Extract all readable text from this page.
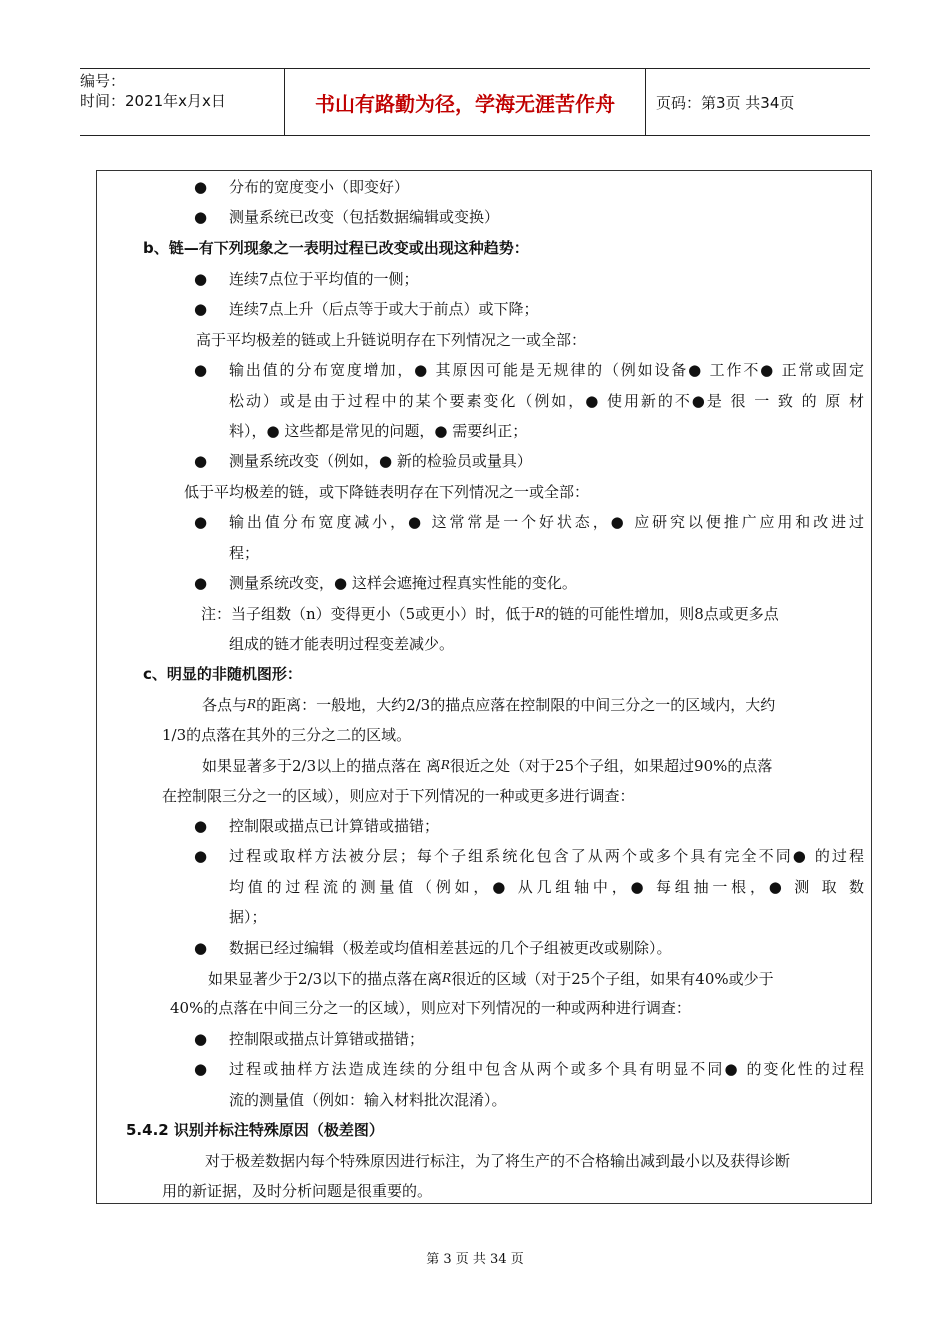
编号：
时间：2021年x月x日	书山有路勤为径，学海无涯苦作舟	页码：第3页 共34页
●
●
●
●
●
●
●
●
●
●
●
●
●
分布的宽度变小（即变好）
测量系统已改变（包括数据编辑或变换）
b、链—有下列现象之一表明过程已改变或出现这种趋势：
连续7点位于平均值的一侧；
连续7点上升（后点等于或大于前点）或下降；
高于平均极差的链或上升链说明存在下列情况之一或全部：
输出值的分布宽度增加，● 其原因可能是无规律的（例如设备● 工作不● 正常或固定
松动）或是由于过程中的某个要素变化（例如，● 使用新的不●是 很 一 致 的 原 材
料），● 这些都是常见的问题，● 需要纠正；
测量系统改变（例如，● 新的检验员或量具）
低于平均极差的链，或下降链表明存在下列情况之一或全部：
输出值分布宽度减小，● 这常常是一个好状态，● 应研究以便推广应用和改进过
程；
测量系统改变，● 这样会遮掩过程真实性能的变化。
注：当子组数（n）变得更小（5或更小）时，低于R的链的可能性增加，则8点或更多点
组成的链才能表明过程变差减少。
c、明显的非随机图形：
各点与R的距离：一般地，大约2/3的描点应落在控制限的中间三分之一的区域内，大约
1/3的点落在其外的三分之二的区域。
如果显著多于2/3以上的描点落在 离R很近之处（对于25个子组，如果超过90%的点落
在控制限三分之一的区域），则应对于下列情况的一种或更多进行调查：
控制限或描点已计算错或描错；
过程或取样方法被分层；每个子组系统化包含了从两个或多个具有完全不同● 的过程
均值的过程流的测量值（例如，● 从几组轴中，● 每组抽一根，● 测 取 数
据）；
数据已经过编辑（极差或均值相差甚远的几个子组被更改或剔除）。
如果显著少于2/3以下的描点落在离R很近的区域（对于25个子组，如果有40%或少于
40%的点落在中间三分之一的区域），则应对下列情况的一种或两种进行调查：
控制限或描点计算错或描错；
过程或抽样方法造成连续的分组中包含从两个或多个具有明显不同● 的变化性的过程
流的测量值（例如：输入材料批次混淆）。
5.4.2 识别并标注特殊原因（极差图）
对于极差数据内每个特殊原因进行标注，为了将生产的不合格输出减到最小以及获得诊断
用的新证据，及时分析问题是很重要的。
第 3 页 共 34 页
